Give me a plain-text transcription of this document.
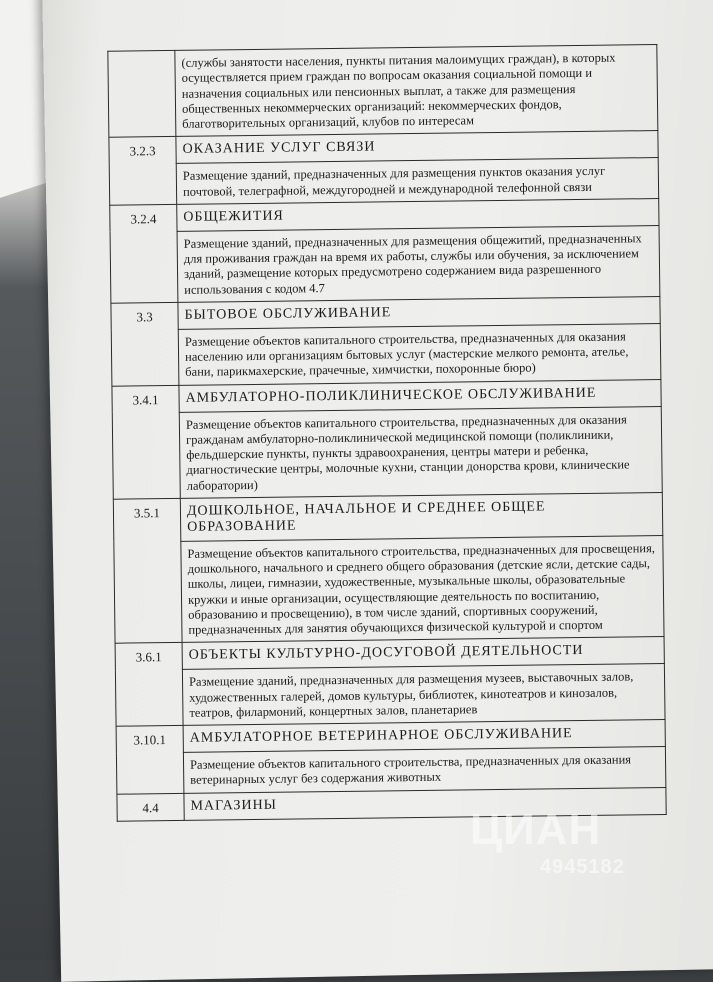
	(службы занятости населения, пункты питания малоимущих граждан), в которых осуществляется прием граждан по вопросам оказания социальной помощи и назначения социальных или пенсионных выплат, а также для размещения общественных некоммерческих организаций: некоммерческих фондов, благотворительных организаций, клубов по интересам
3.2.3	ОКАЗАНИЕ УСЛУГ СВЯЗИ
	Размещение зданий, предназначенных для размещения пунктов оказания услуг почтовой, телеграфной, междугородней и международной телефонной связи
3.2.4	ОБЩЕЖИТИЯ
	Размещение зданий, предназначенных для размещения общежитий, предназначенных для проживания граждан на время их работы, службы или обучения, за исключением зданий, размещение которых предусмотрено содержанием вида разрешенного использования с кодом 4.7
3.3	БЫТОВОЕ ОБСЛУЖИВАНИЕ
	Размещение объектов капитального строительства, предназначенных для оказания населению или организациям бытовых услуг (мастерские мелкого ремонта, ателье, бани, парикмахерские, прачечные, химчистки, похоронные бюро)
3.4.1	АМБУЛАТОРНО-ПОЛИКЛИНИЧЕСКОЕ ОБСЛУЖИВАНИЕ
	Размещение объектов капитального строительства, предназначенных для оказания гражданам амбулаторно-поликлинической медицинской помощи (поликлиники, фельдшерские пункты, пункты здравоохранения, центры матери и ребенка, диагностические центры, молочные кухни, станции донорства крови, клинические лаборатории)
3.5.1	ДОШКОЛЬНОЕ, НАЧАЛЬНОЕ И СРЕДНЕЕ ОБЩЕЕ ОБРАЗОВАНИЕ
	Размещение объектов капитального строительства, предназначенных для просвещения, дошкольного, начального и среднего общего образования (детские ясли, детские сады, школы, лицеи, гимназии, художественные, музыкальные школы, образовательные кружки и иные организации, осуществляющие деятельность по воспитанию, образованию и просвещению), в том числе зданий, спортивных сооружений, предназначенных для занятия обучающихся физической культурой и спортом
3.6.1	ОБЪЕКТЫ КУЛЬТУРНО-ДОСУГОВОЙ ДЕЯТЕЛЬНОСТИ
	Размещение зданий, предназначенных для размещения музеев, выставочных залов, художественных галерей, домов культуры, библиотек, кинотеатров и кинозалов, театров, филармоний, концертных залов, планетариев
3.10.1	АМБУЛАТОРНОЕ ВЕТЕРИНАРНОЕ ОБСЛУЖИВАНИЕ
	Размещение объектов капитального строительства, предназначенных для оказания ветеринарных услуг без содержания животных
4.4	МАГАЗИНЫ	ЦИАН
4945182
